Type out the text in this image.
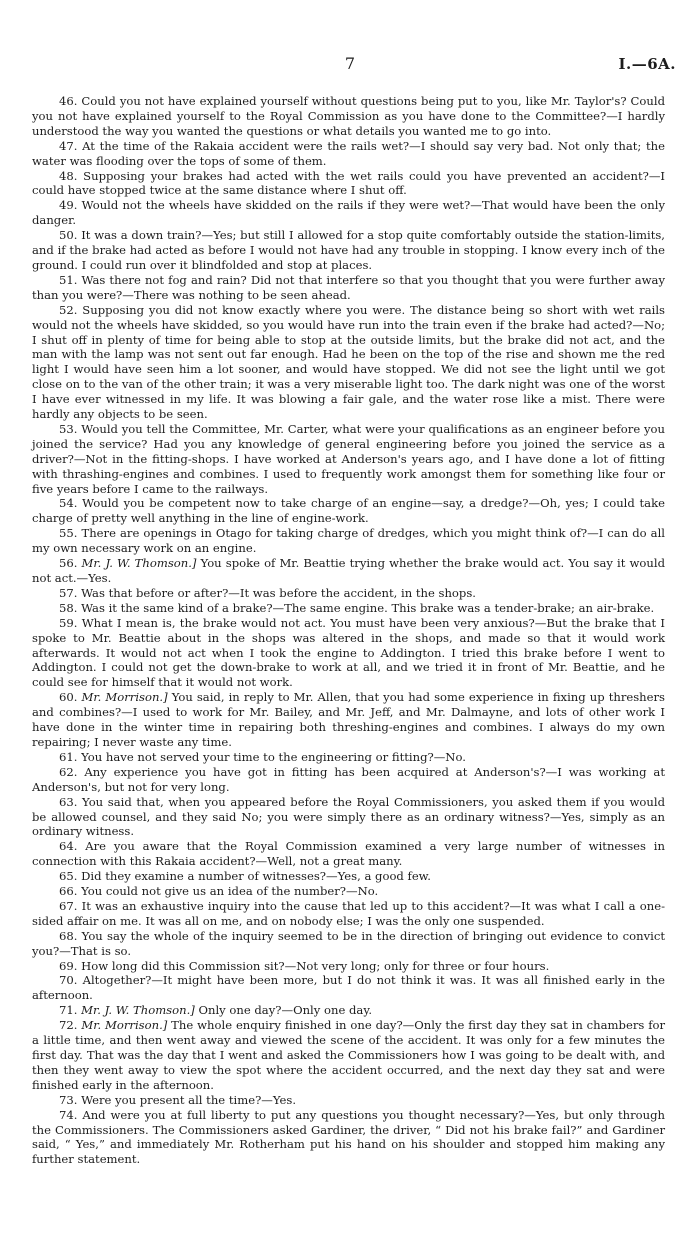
7	I.—6A.

46. Could you not have explained yourself without questions being put to you, like Mr. Taylor's? Could you not have explained yourself to the Royal Commission as you have done to the Committee?—I hardly understood the way you wanted the questions or what details you wanted me to go into.

47. At the time of the Rakaia accident were the rails wet?—I should say very bad. Not only that; the water was flooding over the tops of some of them.

48. Supposing your brakes had acted with the wet rails could you have prevented an accident?—I could have stopped twice at the same distance where I shut off.

49. Would not the wheels have skidded on the rails if they were wet?—That would have been the only danger.

50. It was a down train?—Yes; but still I allowed for a stop quite comfortably outside the station-limits, and if the brake had acted as before I would not have had any trouble in stopping. I know every inch of the ground. I could run over it blindfolded and stop at places.

51. Was there not fog and rain? Did not that interfere so that you thought that you were further away than you were?—There was nothing to be seen ahead.

52. Supposing you did not know exactly where you were. The distance being so short with wet rails would not the wheels have skidded, so you would have run into the train even if the brake had acted?—No; I shut off in plenty of time for being able to stop at the outside limits, but the brake did not act, and the man with the lamp was not sent out far enough. Had he been on the top of the rise and shown me the red light I would have seen him a lot sooner, and would have stopped. We did not see the light until we got close on to the van of the other train; it was a very miserable light too. The dark night was one of the worst I have ever witnessed in my life. It was blowing a fair gale, and the water rose like a mist. There were hardly any objects to be seen.

53. Would you tell the Committee, Mr. Carter, what were your qualifications as an engineer before you joined the service? Had you any knowledge of general engineering before you joined the service as a driver?—Not in the fitting-shops. I have worked at Anderson's years ago, and I have done a lot of fitting with thrashing-engines and combines. I used to frequently work amongst them for something like four or five years before I came to the railways.

54. Would you be competent now to take charge of an engine—say, a dredge?—Oh, yes; I could take charge of pretty well anything in the line of engine-work.

55. There are openings in Otago for taking charge of dredges, which you might think of?—I can do all my own necessary work on an engine.

56. Mr. J. W. Thomson.] You spoke of Mr. Beattie trying whether the brake would act. You say it would not act.—Yes.

57. Was that before or after?—It was before the accident, in the shops.

58. Was it the same kind of a brake?—The same engine. This brake was a tender-brake; an air-brake.

59. What I mean is, the brake would not act. You must have been very anxious?—But the brake that I spoke to Mr. Beattie about in the shops was altered in the shops, and made so that it would work afterwards. It would not act when I took the engine to Addington. I tried this brake before I went to Addington. I could not get the down-brake to work at all, and we tried it in front of Mr. Beattie, and he could see for himself that it would not work.

60. Mr. Morrison.] You said, in reply to Mr. Allen, that you had some experience in fixing up threshers and combines?—I used to work for Mr. Bailey, and Mr. Jeff, and Mr. Dalmayne, and lots of other work I have done in the winter time in repairing both threshing-engines and combines. I always do my own repairing; I never waste any time.

61. You have not served your time to the engineering or fitting?—No.

62. Any experience you have got in fitting has been acquired at Anderson's?—I was working at Anderson's, but not for very long.

63. You said that, when you appeared before the Royal Commissioners, you asked them if you would be allowed counsel, and they said No; you were simply there as an ordinary witness?—Yes, simply as an ordinary witness.

64. Are you aware that the Royal Commission examined a very large number of witnesses in connection with this Rakaia accident?—Well, not a great many.

65. Did they examine a number of witnesses?—Yes, a good few.

66. You could not give us an idea of the number?—No.

67. It was an exhaustive inquiry into the cause that led up to this accident?—It was what I call a one-sided affair on me. It was all on me, and on nobody else; I was the only one suspended.

68. You say the whole of the inquiry seemed to be in the direction of bringing out evidence to convict you?—That is so.

69. How long did this Commission sit?—Not very long; only for three or four hours.

70. Altogether?—It might have been more, but I do not think it was. It was all finished early in the afternoon.

71. Mr. J. W. Thomson.] Only one day?—Only one day.

72. Mr. Morrison.] The whole enquiry finished in one day?—Only the first day they sat in chambers for a little time, and then went away and viewed the scene of the accident. It was only for a few minutes the first day. That was the day that I went and asked the Commissioners how I was going to be dealt with, and then they went away to view the spot where the accident occurred, and the next day they sat and were finished early in the afternoon.

73. Were you present all the time?—Yes.

74. And were you at full liberty to put any questions you thought necessary?—Yes, but only through the Commissioners. The Commissioners asked Gardiner, the driver, “ Did not his brake fail?” and Gardiner said, “ Yes,” and immediately Mr. Rotherham put his hand on his shoulder and stopped him making any further statement.
